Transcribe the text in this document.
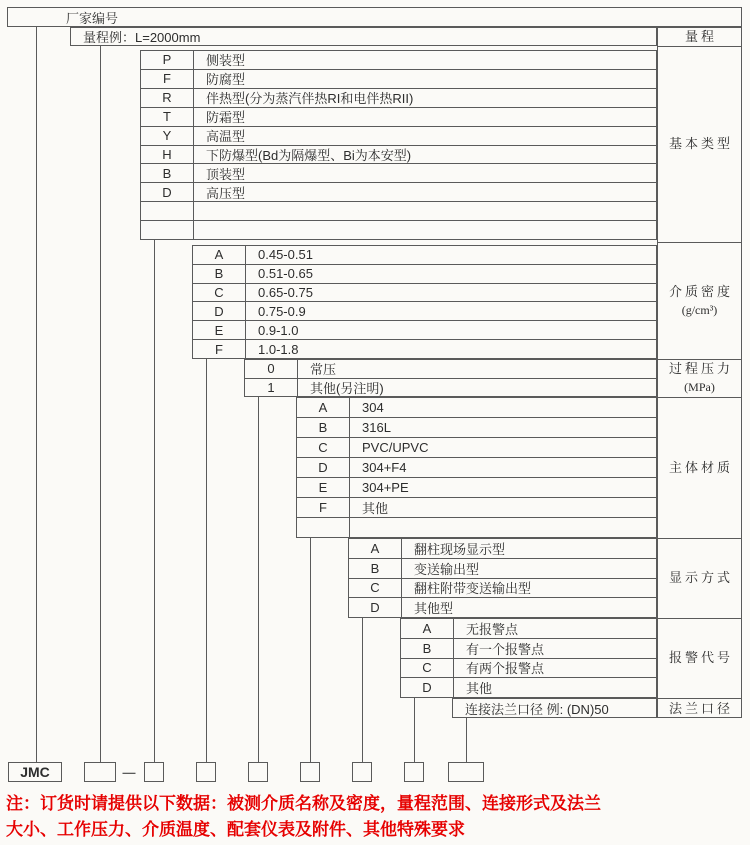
厂家编号
量程例：L=2000mm
P	侧装型
F	防腐型
R	伴热型(分为蒸汽伴热RI和电伴热RII)
T	防霜型
Y	高温型
H	下防爆型(Bd为隔爆型、Bi为本安型)
B	顶装型
D	高压型
A	0.45-0.51
B	0.51-0.65
C	0.65-0.75
D	0.75-0.9
E	0.9-1.0
F	1.0-1.8
0	常压
1	其他(另注明)
A	304
B	316L
C	PVC/UPVC
D	304+F4
E	304+PE
F	其他
A	翻柱现场显示型
B	变送输出型
C	翻柱附带变送输出型
D	其他型
A	无报警点
B	有一个报警点
C	有两个报警点
D	其他
连接法兰口径 例: (DN)50
量程
基本类型
介质密度
(g/cm³)
过程压力
(MPa)
主体材质
显示方式
报警代号
法兰口径
JMC	—
注：订货时请提供以下数据：被测介质名称及密度，量程范围、连接形式及法兰
大小、工作压力、介质温度、配套仪表及附件、其他特殊要求
